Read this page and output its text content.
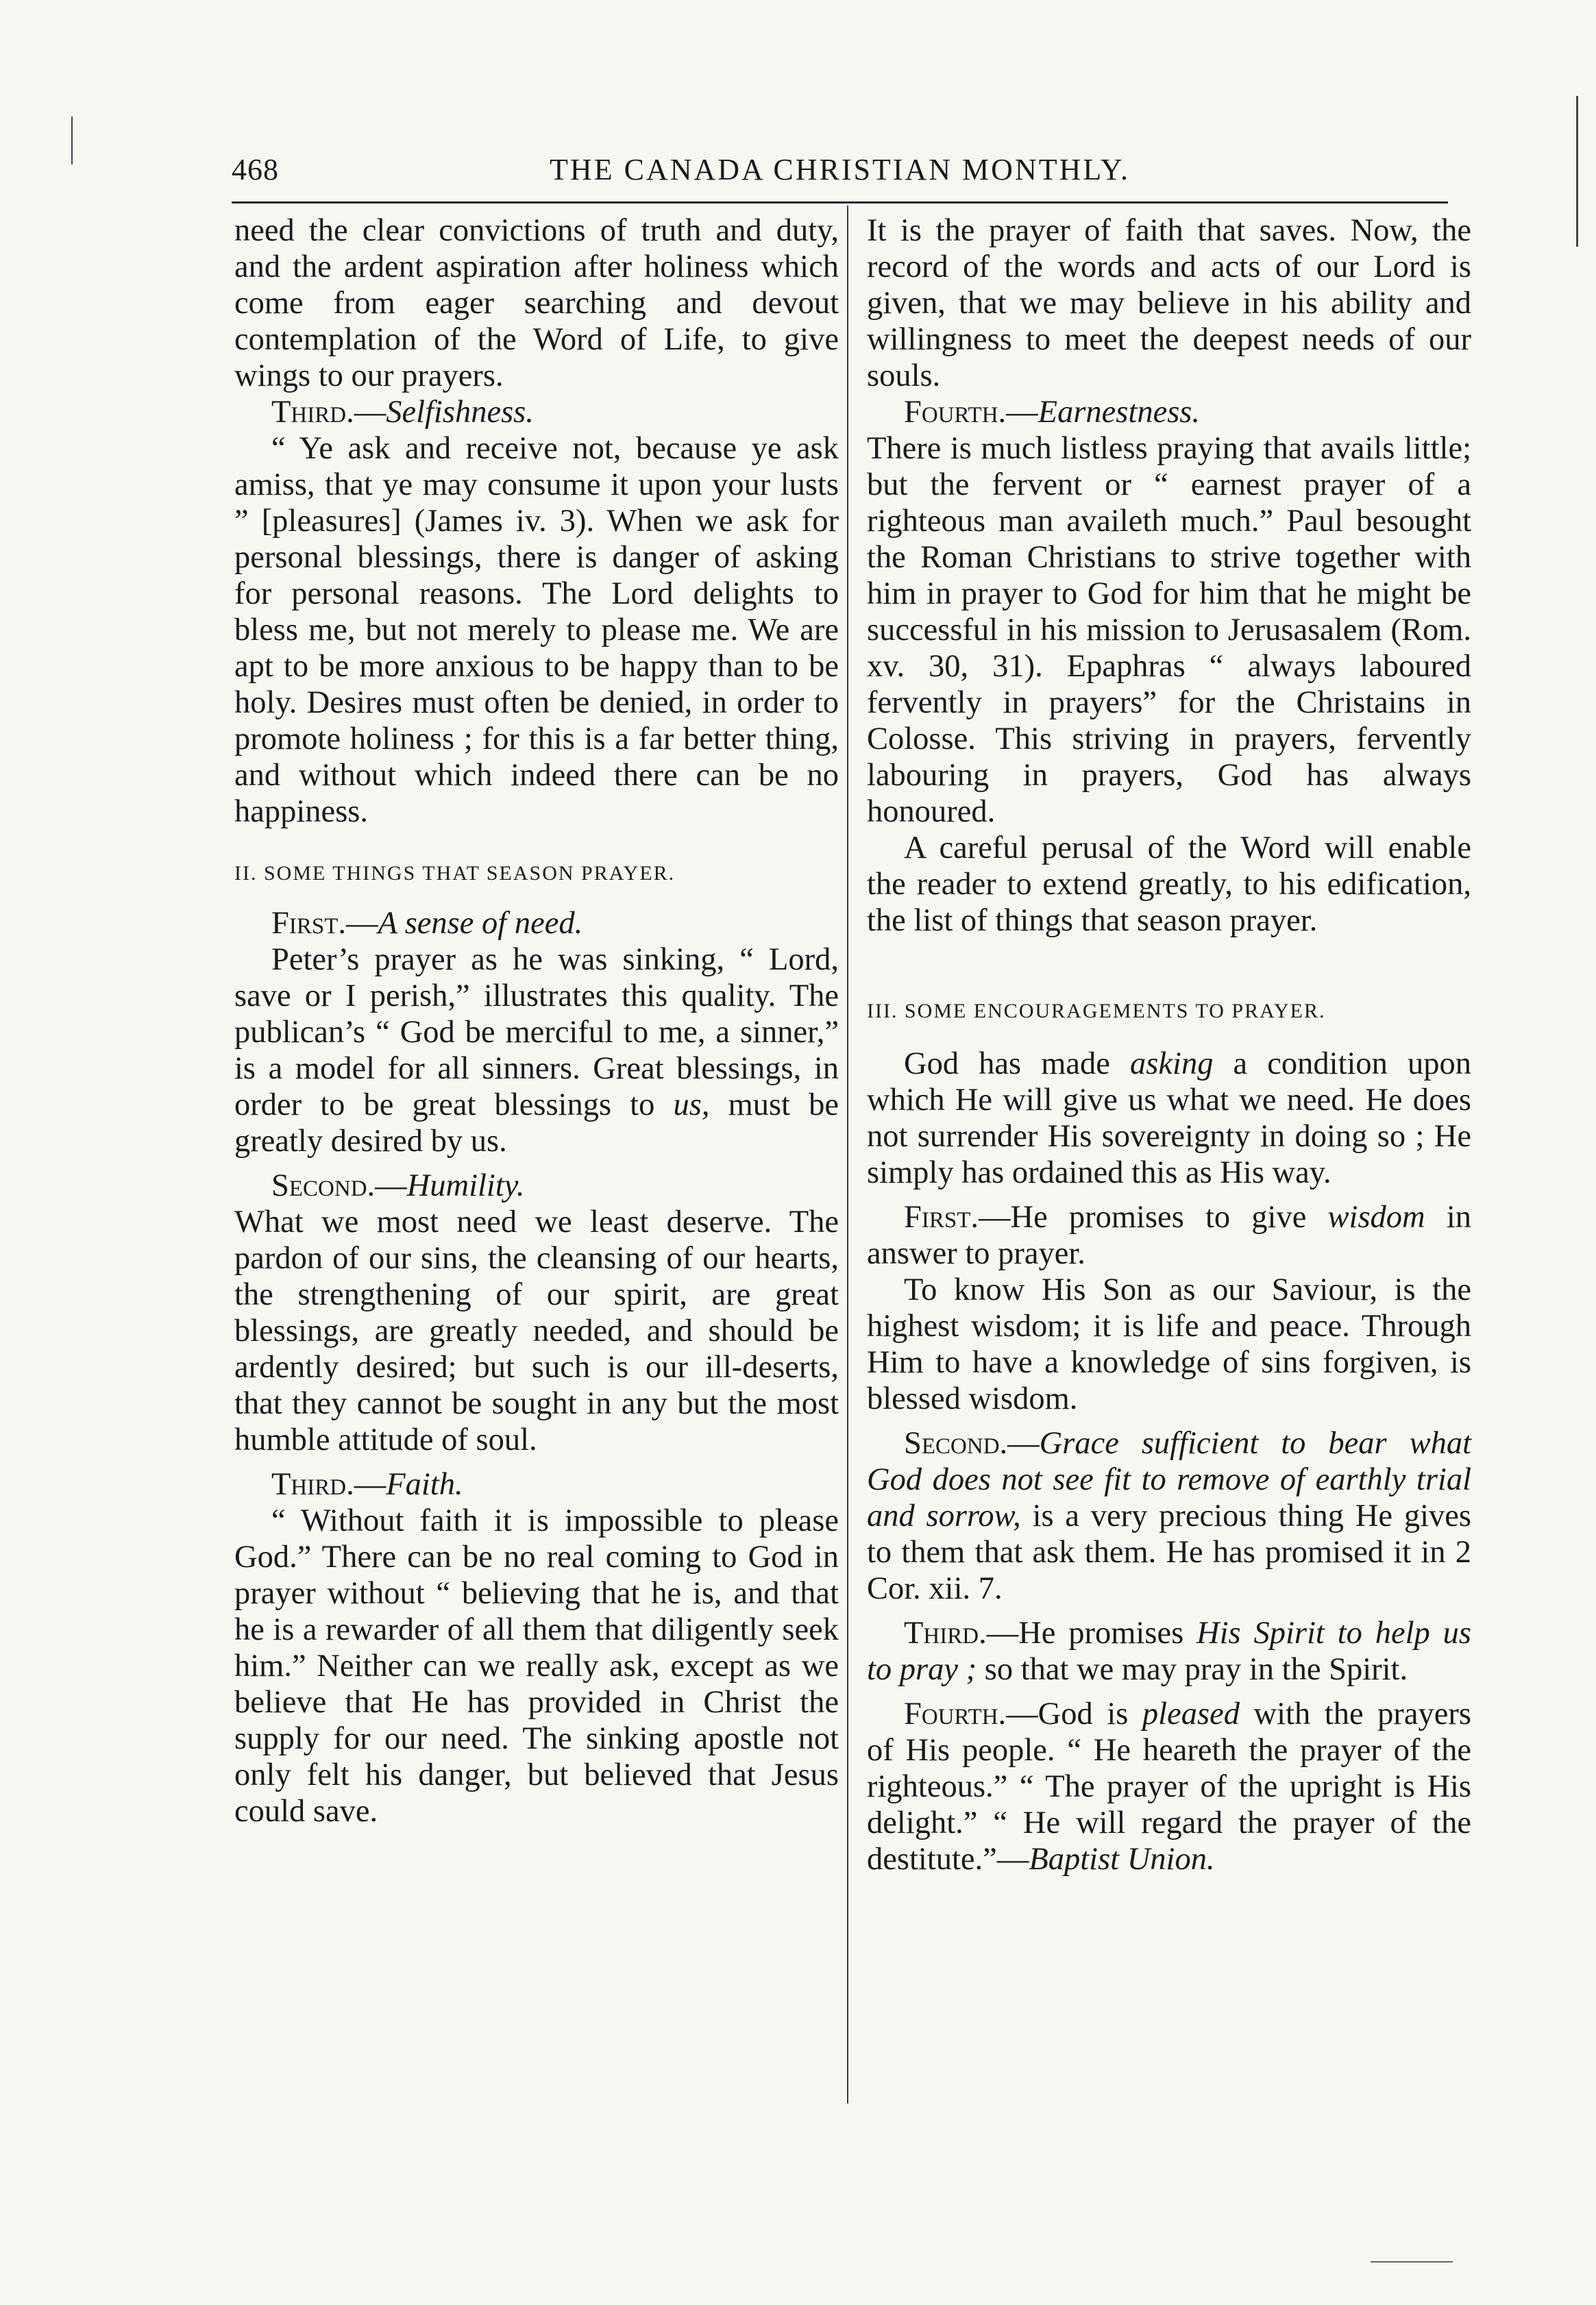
468	THE CANADA CHRISTIAN MONTHLY.

need the clear convictions of truth and duty, and the ardent aspiration after holiness which come from eager searching and devout contemplation of the Word of Life, to give wings to our prayers.

Third.—Selfishness.

“ Ye ask and receive not, because ye ask amiss, that ye may consume it upon your lusts ” [pleasures] (James iv. 3). When we ask for personal blessings, there is danger of asking for personal reasons. The Lord delights to bless me, but not merely to please me. We are apt to be more anxious to be happy than to be holy. Desires must often be denied, in order to promote holiness ; for this is a far better thing, and without which indeed there can be no happiness.

II. SOME THINGS THAT SEASON PRAYER.

First.—A sense of need.

Peter’s prayer as he was sinking, “ Lord, save or I perish,” illustrates this quality. The publican’s “ God be merciful to me, a sinner,” is a model for all sinners. Great blessings, in order to be great blessings to us, must be greatly desired by us.

Second.—Humility.

What we most need we least deserve. The pardon of our sins, the cleansing of our hearts, the strengthening of our spirit, are great blessings, are greatly needed, and should be ardently desired; but such is our ill-deserts, that they cannot be sought in any but the most humble attitude of soul.

Third.—Faith.

“ Without faith it is impossible to please God.” There can be no real coming to God in prayer without “ believing that he is, and that he is a rewarder of all them that diligently seek him.” Neither can we really ask, except as we believe that He has provided in Christ the supply for our need. The sinking apostle not only felt his danger, but believed that Jesus could save.

It is the prayer of faith that saves. Now, the record of the words and acts of our Lord is given, that we may believe in his ability and willingness to meet the deepest needs of our souls.

Fourth.—Earnestness.

There is much listless praying that avails little; but the fervent or “ earnest prayer of a righteous man availeth much.” Paul besought the Roman Christians to strive together with him in prayer to God for him that he might be successful in his mission to Jerusasalem (Rom. xv. 30, 31). Epaphras “ always laboured fervently in prayers” for the Christains in Colosse. This striving in prayers, fervently labouring in prayers, God has always honoured.

A careful perusal of the Word will enable the reader to extend greatly, to his edification, the list of things that season prayer.

III. SOME ENCOURAGEMENTS TO PRAYER.

God has made asking a condition upon which He will give us what we need. He does not surrender His sovereignty in doing so ; He simply has ordained this as His way.

First.—He promises to give wisdom in answer to prayer.

To know His Son as our Saviour, is the highest wisdom; it is life and peace. Through Him to have a knowledge of sins forgiven, is blessed wisdom.

Second.—Grace sufficient to bear what God does not see fit to remove of earthly trial and sorrow, is a very precious thing He gives to them that ask them. He has promised it in 2 Cor. xii. 7.

Third.—He promises His Spirit to help us to pray ; so that we may pray in the Spirit.

Fourth.—God is pleased with the prayers of His people. “ He heareth the prayer of the righteous.” “ The prayer of the upright is His delight.” “ He will regard the prayer of the destitute.”—Baptist Union.
